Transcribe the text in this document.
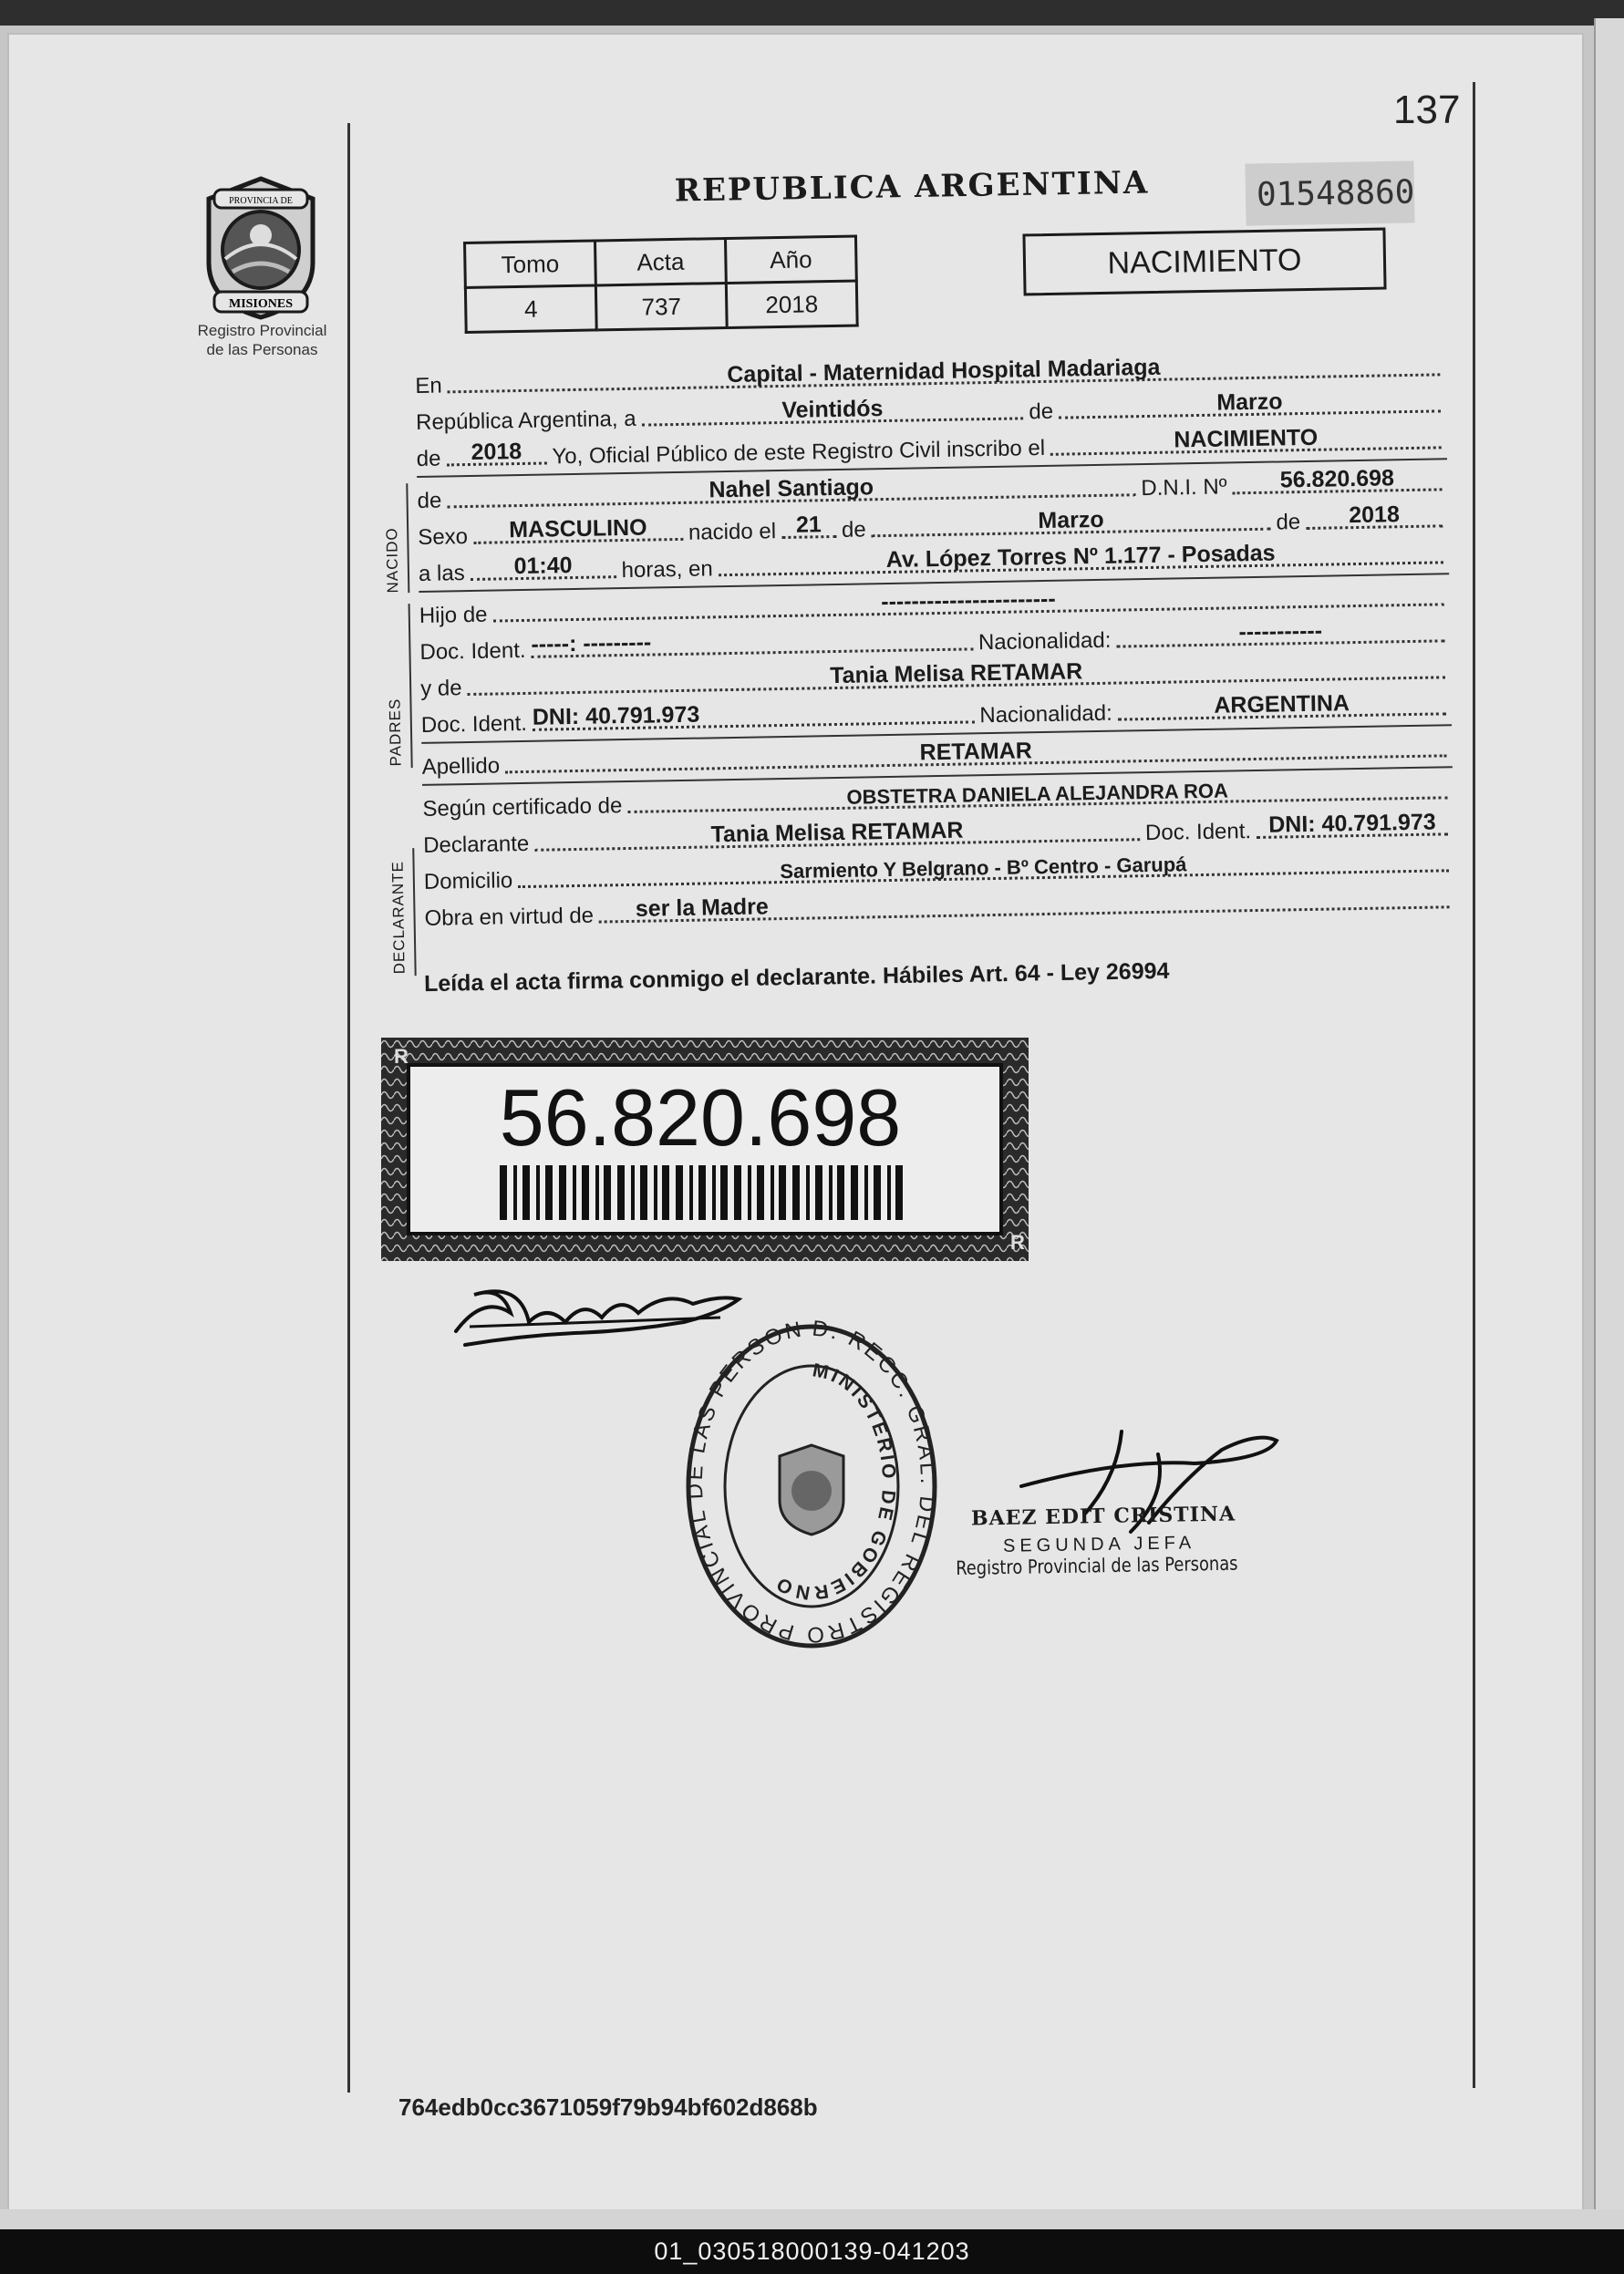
01_030518000139-041203
137
PROVINCIA DE
MISIONES
Registro Provincial
de las Personas
REPUBLICA ARGENTINA	01548860
NACIMIENTO
Tomo	Acta	Año
4	737	2018
En	Capital - Maternidad Hospital Madariaga
República Argentina, a	Veintidós	de	Marzo
de	2018	Yo, Oficial Público de este Registro Civil inscribo el	NACIMIENTO
NACIDO
de	Nahel Santiago	D.N.I. Nº	56.820.698
Sexo	MASCULINO	nacido el 21 de	Marzo	de	2018
a las	01:40	horas, en	Av. López Torres Nº 1.177 - Posadas
PADRES
Hijo de
-----------------------
Doc. Ident. -----: ---------	Nacionalidad:	-----------
y de	Tania Melisa RETAMAR
Doc. Ident. DNI: 40.791.973	Nacionalidad:	ARGENTINA
Apellido
RETAMAR
DECLARANTE
Según certificado de	OBSTETRA DANIELA ALEJANDRA ROA
Declarante	Tania Melisa RETAMAR	Doc. Ident. DNI: 40.791.973
Domicilio	Sarmiento Y Belgrano - Bº Centro - Garupá
Obra en virtud de	ser la Madre
Leída el acta firma conmigo el declarante. Hábiles Art. 64 - Ley 26994
R
R
56.820.698
D. RECC. GRAL. DEL REGISTRO PROVINCIAL DE LAS PERSON
MINISTERIO DE GOBIERNO
BAEZ EDIT CRISTINA
SEGUNDA JEFA
Registro Provincial de las Personas
764edb0cc3671059f79b94bf602d868b
